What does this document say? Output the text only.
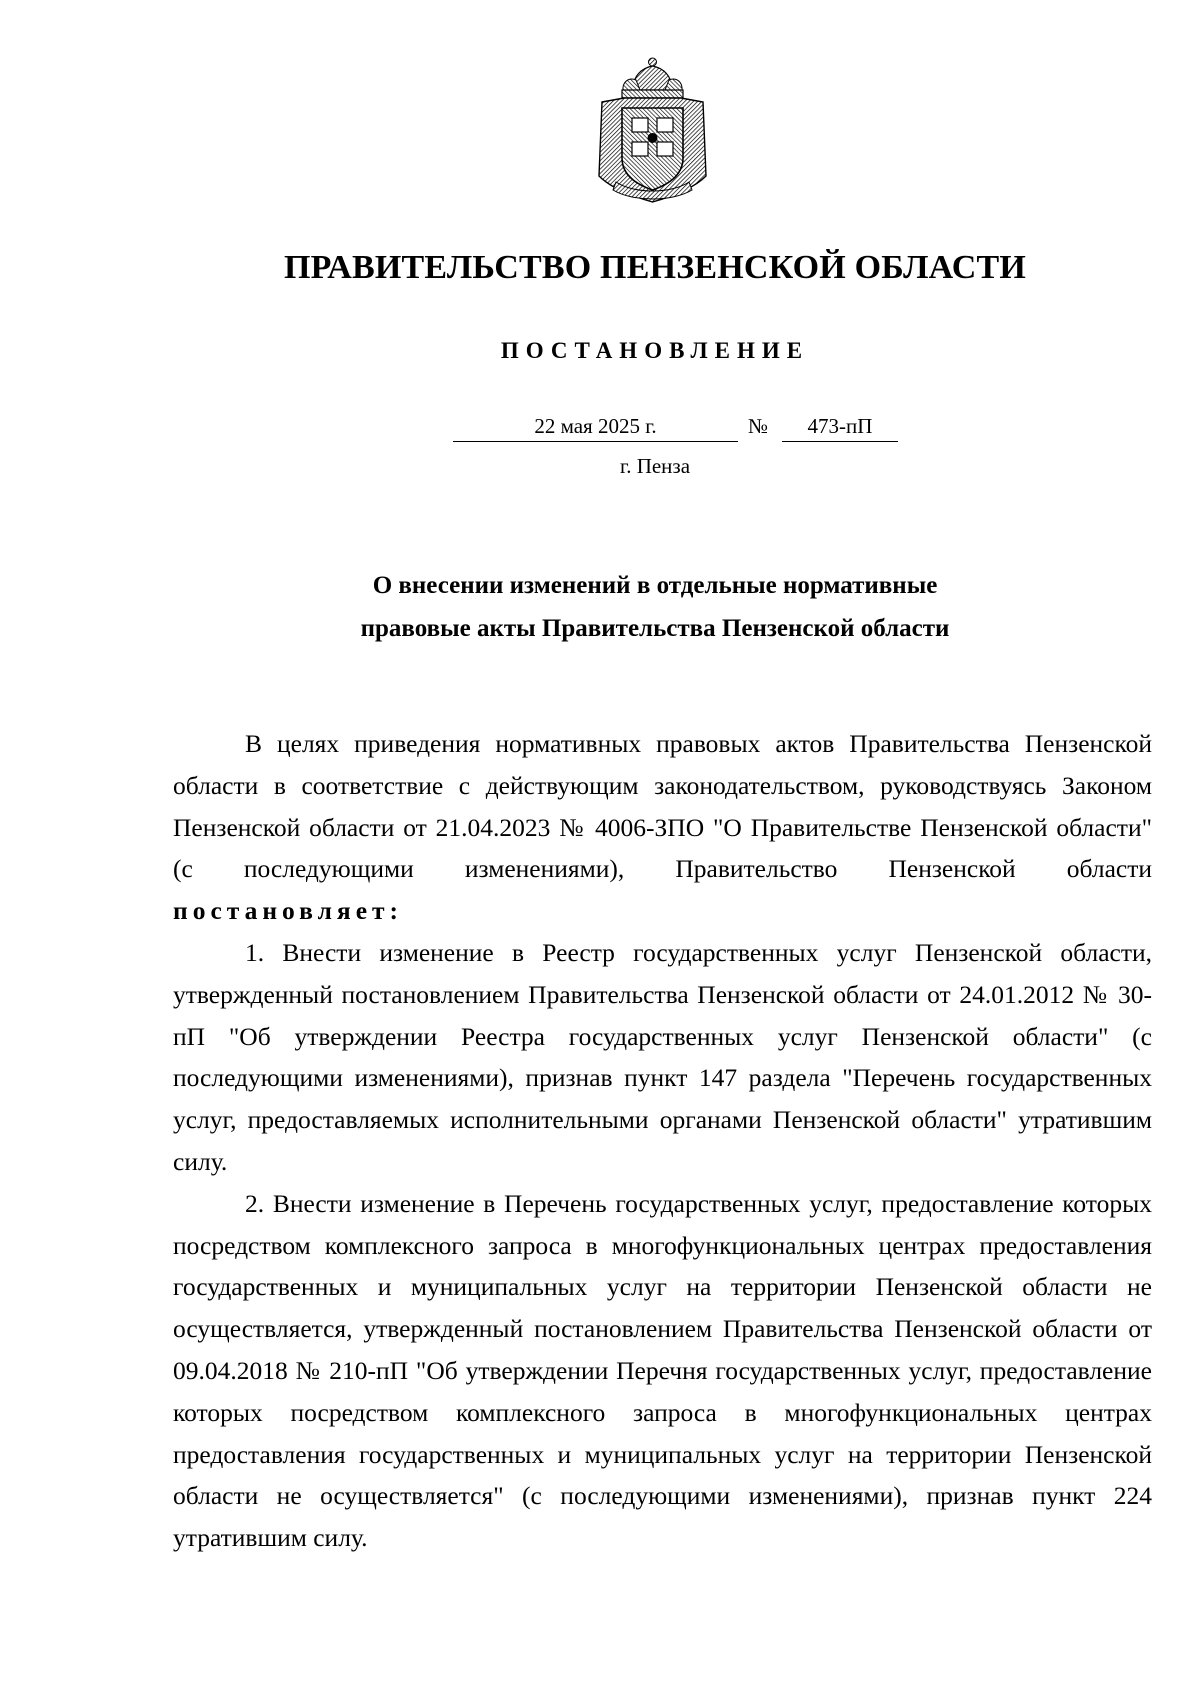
ПРАВИТЕЛЬСТВО ПЕНЗЕНСКОЙ ОБЛАСТИ
ПОСТАНОВЛЕНИЕ
22 мая 2025 г.	№	473-пП
г. Пенза
О внесении изменений в отдельные нормативные
правовые акты Правительства Пензенской области

В целях приведения нормативных правовых актов Правительства Пензенской области в соответствие с действующим законодательством, руководствуясь Законом Пензенской области от 21.04.2023 № 4006-ЗПО "О Правительстве Пензенской области" (с последующими изменениями), Правительство Пензенской области постановляет:

1. Внести изменение в Реестр государственных услуг Пензенской области, утвержденный постановлением Правительства Пензенской области от 24.01.2012 № 30-пП "Об утверждении Реестра государственных услуг Пензенской области" (с последующими изменениями), признав пункт 147 раздела "Перечень государственных услуг, предоставляемых исполнительными органами Пензенской области" утратившим силу.

2. Внести изменение в Перечень государственных услуг, предоставление которых посредством комплексного запроса в многофункциональных центрах предоставления государственных и муниципальных услуг на территории Пензенской области не осуществляется, утвержденный постановлением Правительства Пензенской области от 09.04.2018 № 210-пП "Об утверждении Перечня государственных услуг, предоставление которых посредством комплексного запроса в многофункциональных центрах предоставления государственных и муниципальных услуг на территории Пензенской области не осуществляется" (с последующими изменениями), признав пункт 224 утратившим силу.
